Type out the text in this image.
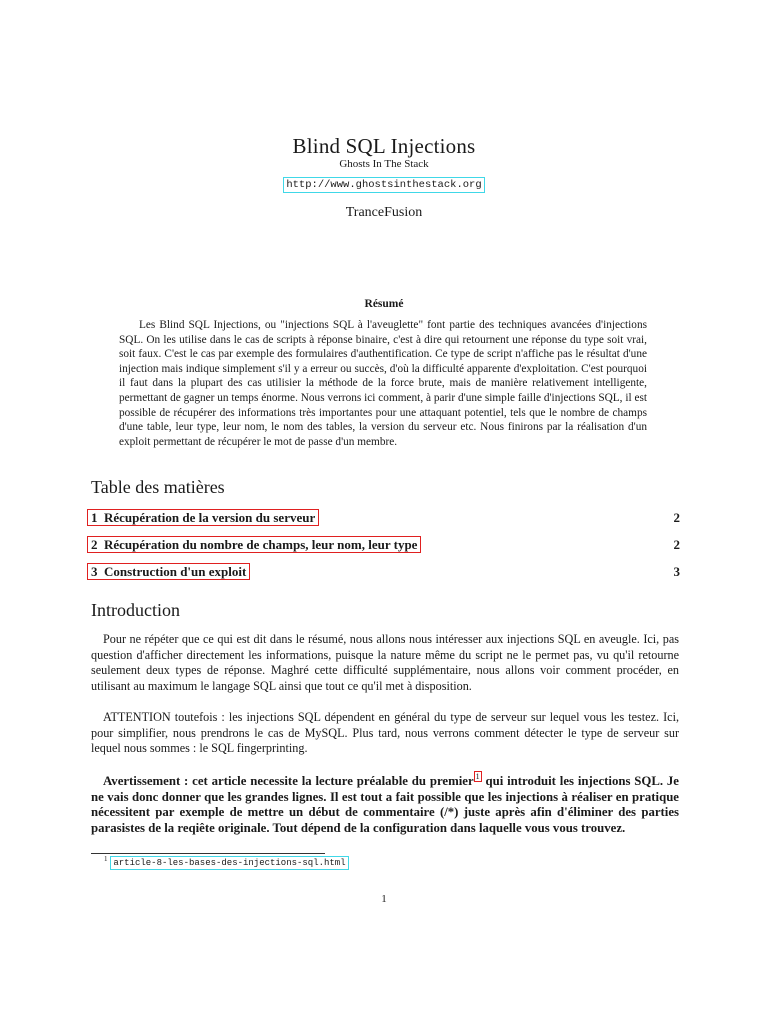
Blind SQL Injections
Ghosts In The Stack
http://www.ghostsinthestack.org
TranceFusion
Résumé
Les Blind SQL Injections, ou "injections SQL à l'aveuglette" font partie des techniques avancées d'injections SQL. On les utilise dans le cas de scripts à réponse binaire, c'est à dire qui retournent une réponse du type soit vrai, soit faux. C'est le cas par exemple des formulaires d'authentification. Ce type de script n'affiche pas le résultat d'une injection mais indique simplement s'il y a erreur ou succès, d'où la difficulté apparente d'exploitation. C'est pourquoi il faut dans la plupart des cas utilisier la méthode de la force brute, mais de manière relativement intelligente, permettant de gagner un temps énorme. Nous verrons ici comment, à parir d'une simple faille d'injections SQL, il est possible de récupérer des informations très importantes pour une attaquant potentiel, tels que le nombre de champs d'une table, leur type, leur nom, le nom des tables, la version du serveur etc. Nous finirons par la réalisation d'un exploit permettant de récupérer le mot de passe d'un membre.
Table des matières
1 Récupération de la version du serveur	2
2 Récupération du nombre de champs, leur nom, leur type	2
3 Construction d'un exploit	3
Introduction
Pour ne répéter que ce qui est dit dans le résumé, nous allons nous intéresser aux injections SQL en aveugle. Ici, pas question d'afficher directement les informations, puisque la nature même du script ne le permet pas, vu qu'il retourne seulement deux types de réponse. Maghré cette difficulté supplémentaire, nous allons voir comment procéder, en utilisant au maximum le langage SQL ainsi que tout ce qu'il met à disposition.
ATTENTION toutefois : les injections SQL dépendent en général du type de serveur sur lequel vous les testez. Ici, pour simplifier, nous prendrons le cas de MySQL. Plus tard, nous verrons comment détecter le type de serveur sur lequel nous sommes : le SQL fingerprinting.
Avertissement : cet article necessite la lecture préalable du premier 1 qui introduit les injections SQL. Je ne vais donc donner que les grandes lignes. Il est tout a fait possible que les injections à réaliser en pratique nécessitent par exemple de mettre un début de commentaire (/*) juste après afin d'éliminer des parties parasistes de la reqiête originale. Tout dépend de la configuration dans laquelle vous vous trouvez.
$^1$ article-8-les-bases-des-injections-sql.html
1
